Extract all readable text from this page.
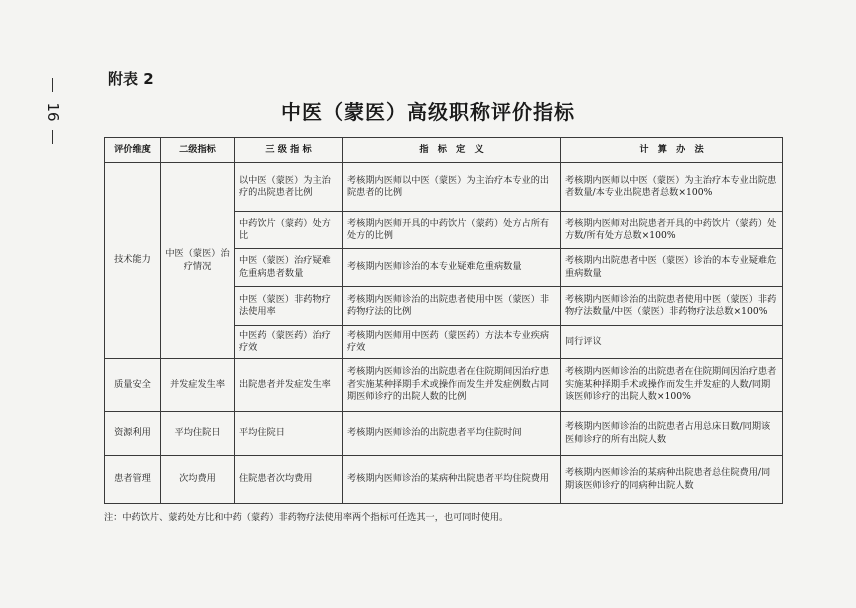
16
附表 2
中医（蒙医）高级职称评价指标
评价维度	二级指标	三 级 指 标	指　标　定　义	计　算　办　法
技术能力	中医（蒙医）治疗情况	以中医（蒙医）为主治疗的出院患者比例	考核期内医师以中医（蒙医）为主治疗本专业的出院患者的比例	考核期内医师以中医（蒙医）为主治疗本专业出院患者数量/本专业出院患者总数×100%
		中药饮片（蒙药）处方比	考核期内医师开具的中药饮片（蒙药）处方占所有处方的比例	考核期内医师对出院患者开具的中药饮片（蒙药）处方数/所有处方总数×100%
		中医（蒙医）治疗疑难危重病患者数量	考核期内医师诊治的本专业疑难危重病数量	考核期内出院患者中医（蒙医）诊治的本专业疑难危重病数量
		中医（蒙医）非药物疗法使用率	考核期内医师诊治的出院患者使用中医（蒙医）非药物疗法的比例	考核期内医师诊治的出院患者使用中医（蒙医）非药物疗法数量/中医（蒙医）非药物疗法总数×100%
		中医药（蒙医药）治疗疗效	考核期内医师用中医药（蒙医药）方法本专业疾病疗效	同行评议
质量安全	并发症发生率	出院患者并发症发生率	考核期内医师诊治的出院患者在住院期间因治疗患者实施某种择期手术或操作而发生并发症例数占同期医师诊疗的出院人数的比例	考核期内医师诊治的出院患者在住院期间因治疗患者实施某种择期手术或操作而发生并发症的人数/同期该医师诊疗的出院人数×100%
资源利用	平均住院日	平均住院日	考核期内医师诊治的出院患者平均住院时间	考核期内医师诊治的出院患者占用总床日数/同期该医师诊疗的所有出院人数
患者管理	次均费用	住院患者次均费用	考核期内医师诊治的某病种出院患者平均住院费用	考核期内医师诊治的某病种出院患者总住院费用/同期该医师诊疗的同病种出院人数
注：中药饮片、蒙药处方比和中药（蒙药）非药物疗法使用率两个指标可任选其一，也可同时使用。
